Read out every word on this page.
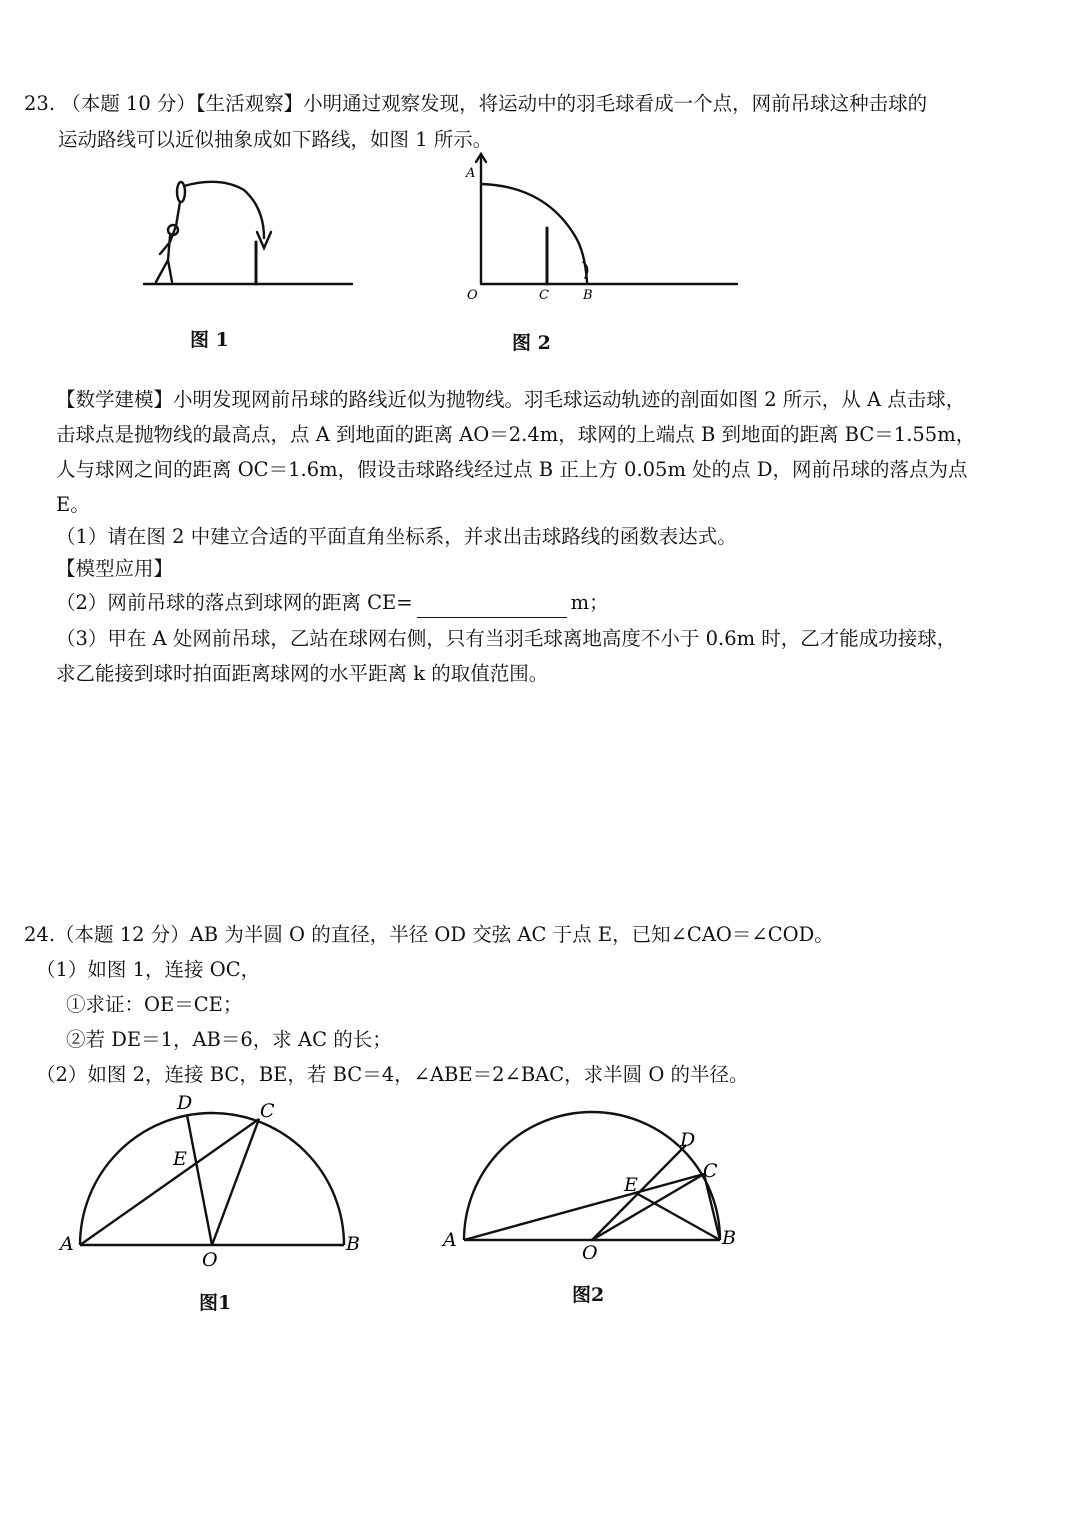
23. （本题 10 分）【生活观察】小明通过观察发现，将运动中的羽毛球看成一个点，网前吊球这种击球的
运动路线可以近似抽象成如下路线，如图 1 所示。
图 1
A
O	C	B
图 2
【数学建模】小明发现网前吊球的路线近似为抛物线。羽毛球运动轨迹的剖面如图 2 所示，从 A 点击球，
击球点是抛物线的最高点，点 A 到地面的距离 AO＝2.4m，球网的上端点 B 到地面的距离 BC＝1.55m，
人与球网之间的距离 OC＝1.6m，假设击球路线经过点 B 正上方 0.05m 处的点 D，网前吊球的落点为点
E。
（1）请在图 2 中建立合适的平面直角坐标系，并求出击球路线的函数表达式。
【模型应用】
（2）网前吊球的落点到球网的距离 CE=	m；
（3）甲在 A 处网前吊球，乙站在球网右侧，只有当羽毛球离地高度不小于 0.6m 时，乙才能成功接球，
求乙能接到球时拍面距离球网的水平距离 k 的取值范围。
24.（本题 12 分）AB 为半圆 O 的直径，半径 OD 交弦 AC 于点 E，已知∠CAO＝∠COD。
（1）如图 1，连接 OC，
①求证：OE＝CE；
②若 DE＝1，AB＝6，求 AC 的长；
（2）如图 2，连接 BC，BE，若 BC＝4，∠ABE＝2∠BAC，求半圆 O 的半径。
A	B
O
C
D
E
图1
A	B
O
C
D
E
图2
